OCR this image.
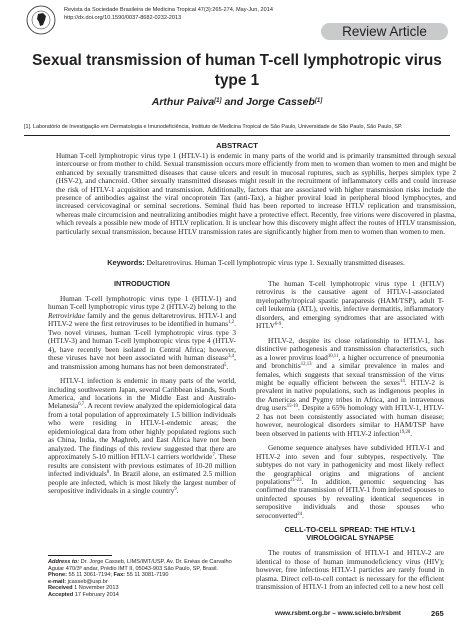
Revista da Sociedade Brasileira de Medicina Tropical 47(3):265-274, May-Jun, 2014
http://dx.doi.org/10.1590/0037-8682-0232-2013
Review Article
Sexual transmission of human T-cell lymphotropic virus type 1
Arthur Paiva[1] and Jorge Casseb[1]
[1]. Laboratório de Investigação em Dermatologia e Imunodeficiência, Instituto de Medicina Tropical de São Paulo, Universidade de São Paulo, São Paulo, SP.
ABSTRACT
Human T-cell lymphotropic virus type 1 (HTLV-1) is endemic in many parts of the world and is primarily transmitted through sexual intercourse or from mother to child. Sexual transmission occurs more efficiently from men to women than women to men and might be enhanced by sexually transmitted diseases that cause ulcers and result in mucosal ruptures, such as syphilis, herpes simplex type 2 (HSV-2), and chancroid. Other sexually transmitted diseases might result in the recruitment of inflammatory cells and could increase the risk of HTLV-1 acquisition and transmission. Additionally, factors that are associated with higher transmission risks include the presence of antibodies against the viral oncoprotein Tax (anti-Tax), a higher proviral load in peripheral blood lymphocytes, and increased cervicovaginal or seminal secretions. Seminal fluid has been reported to increase HTLV replication and transmission, whereas male circumcision and neutralizing antibodies might have a protective effect. Recently, free virions were discovered in plasma, which reveals a possible new mode of HTLV replication. It is unclear how this discovery might affect the routes of HTLV transmission, particularly sexual transmission, because HTLV transmission rates are significantly higher from men to women than women to men.
Keywords: Deltaretrovirus. Human T-cell lymphotropic virus type 1. Sexually transmitted diseases.
INTRODUCTION

Human T-cell lymphotropic virus type 1 (HTLV-1) and human T-cell lymphotropic virus type 2 (HTLV-2) belong to the Retroviridae family and the genus deltaretrovirus. HTLV-1 and HTLV-2 were the first retroviruses to be identified in humans$^{1,2}$. Two novel viruses, human T-cell lymphotropic virus type 3 (HTLV-3) and human T-cell lymphotropic virus type 4 (HTLV-4), have recently been isolated in Central Africa; however, these viruses have not been associated with human disease$^{3,4}$, and transmission among humans has not been demonstrated$^5$.

HTLV-1 infection is endemic in many parts of the world, including southwestern Japan, several Caribbean islands, South America, and locations in the Middle East and Australo-Melanesia$^{6,7}$. A recent review analyzed the epidemiological data from a total population of approximately 1.5 billion individuals who were residing in HTLV-1-endemic areas; the epidemiological data from other highly populated regions such as China, India, the Maghreb, and East Africa have not been analyzed. The findings of this review suggested that there are approximately 5-10 million HTLV-1 carriers worldwide$^7$. These results are consistent with previous estimates of 10-20 million infected individuals$^8$. In Brazil alone, an estimated 2.5 million people are infected, which is most likely the largest number of seropositive individuals in a single country$^9$.

Address to: Dr. Jorge Casseb, LIMS/IMT/USP, Av. Dr. Enéas de Carvalho Aguiar 470/3º andar, Prédio IMT II, 05043-903 São Paulo, SP, Brasil.
Phone: 55 11 3061-7194; Fax: 55 11 3081-7190
e-mail: jcasseb@usp.br
Received 1 November 2013
Accepted 17 February 2014

The human T-cell lymphotropic virus type 1 (HTLV) retrovirus is the causative agent of HTLV-1-associated myelopathy/tropical spastic paraparesis (HAM/TSP), adult T-cell leukemia (ATL), uveitis, infective dermatitis, inflammatory disorders, and emerging syndromes that are associated with HTLV$^{6-9}$.

HTLV-2, despite its close relationship to HTLV-1, has distinctive pathogenesis and transmission characteristics, such as a lower provirus load$^{10,11}$, a higher occurrence of pneumonia and bronchitis$^{12,13}$ and a similar prevalence in males and females, which suggests that sexual transmission of the virus might be equally efficient between the sexes$^{14}$. HTLV-2 is prevalent in native populations, such as indigenous peoples in the Americas and Pygmy tribes in Africa, and in intravenous drug users$^{15-19}$. Despite a 65% homology with HTLV-1, HTLV-2 has not been consistently associated with human disease; however, neurological disorders similar to HAM/TSP have been observed in patients with HTLV-2 infection$^{19,20}$.

Genome sequence analyses have subdivided HTLV-1 and HTLV-2 into seven and four subtypes, respectively. The subtypes do not vary in pathogenicity and most likely reflect the geographical origins and migrations of ancient populations$^{21-23}$. In addition, genomic sequencing has confirmed the transmission of HTLV-1 from infected spouses to uninfected spouses by revealing identical sequences in seropositive individuals and those spouses who seroconverted$^{24}$.

CELL-TO-CELL SPREAD: THE HTLV-1
VIROLOGICAL SYNAPSE

The routes of transmission of HTLV-1 and HTLV-2 are identical to those of human immunodeficiency virus (HIV); however, free infectious HTLV-1 particles are rarely found in plasma. Direct cell-to-cell contact is necessary for the efficient transmission of HTLV-1 from an infected cell to a new host cell

www.rsbmt.org.br – www.scielo.br/rsbmt	265
